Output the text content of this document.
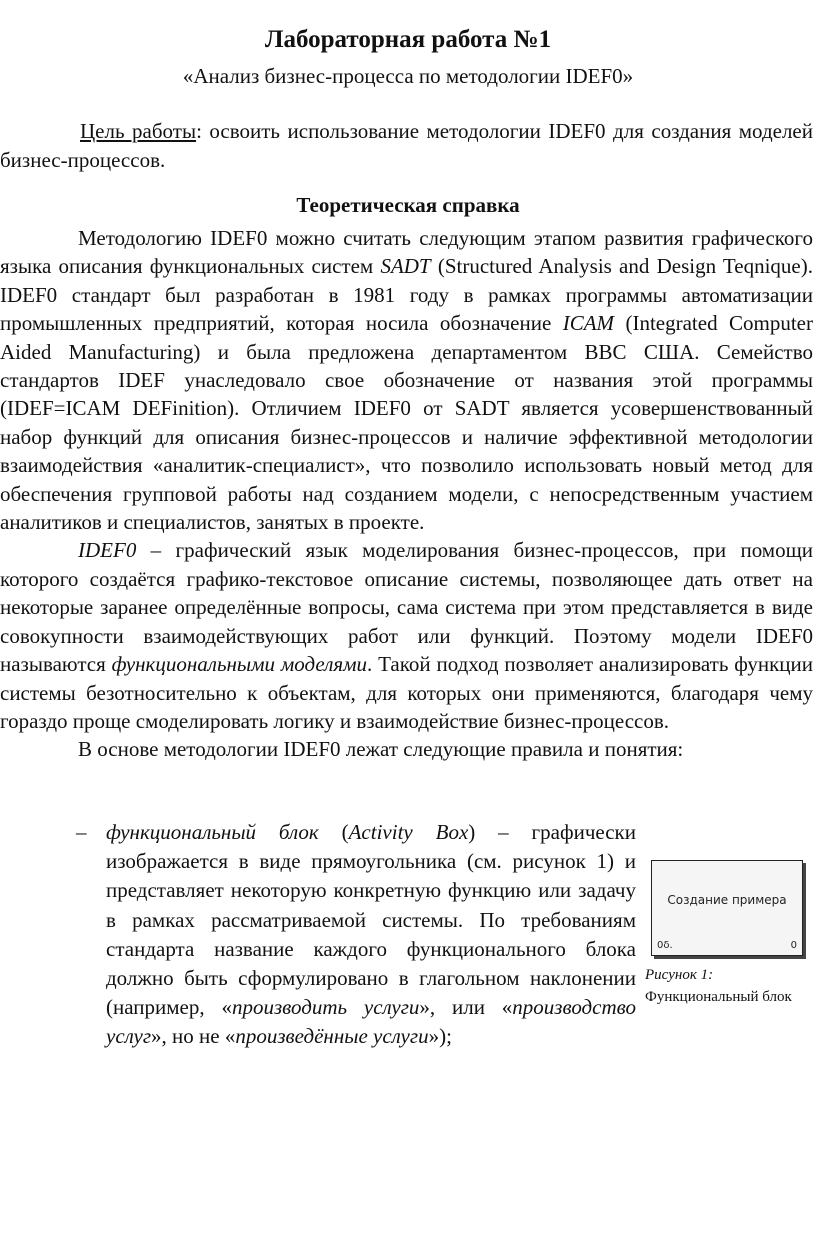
Лабораторная работа №1
«Анализ бизнес-процесса по методологии IDEF0»

Цель работы: освоить использование методологии IDEF0 для создания моделей бизнес-процессов.

Теоретическая справка

Методологию IDEF0 можно считать следующим этапом развития графического языка описания функциональных систем SADT (Structured Analysis and Design Teqnique). IDEF0 стандарт был разработан в 1981 году в рамках программы автоматизации промышленных предприятий, которая носила обозначение ICAM (Integrated Computer Aided Manufacturing) и была предложена департаментом ВВС США. Семейство стандартов IDEF унаследовало свое обозначение от названия этой программы (IDEF=ICAM DEFinition). Отличием IDEF0 от SADT является усовершенствованный набор функций для описания бизнес-процессов и наличие эффективной методологии взаимодействия «аналитик-специалист», что позволило использовать новый метод для обеспечения групповой работы над созданием модели, с непосредственным участием аналитиков и специалистов, занятых в проекте.

IDEF0 – графический язык моделирования бизнес-процессов, при помощи которого создаётся графико-текстовое описание системы, позволяющее дать ответ на некоторые заранее определённые вопросы, сама система при этом представляется в виде совокупности взаимодействующих работ или функций. Поэтому модели IDEF0 называются функциональными моделями. Такой подход позволяет анализировать функции системы безотносительно к объектам, для которых они применяются, благодаря чему гораздо проще смоделировать логику и взаимодействие бизнес-процессов.

В основе методологии IDEF0 лежат следующие правила и понятия:

– функциональный блок (Activity Box) – графически изображается в виде прямоугольника (см. рисунок 1) и представляет некоторую конкретную функцию или задачу в рамках рассматриваемой системы. По требованиям стандарта название каждого функционального блока должно быть сформулировано в глагольном наклонении (например, «производить услуги», или «производство услуг», но не «произведённые услуги»);

Создание примера
0δ.	0
Рисунок 1:
Функциональный блок
